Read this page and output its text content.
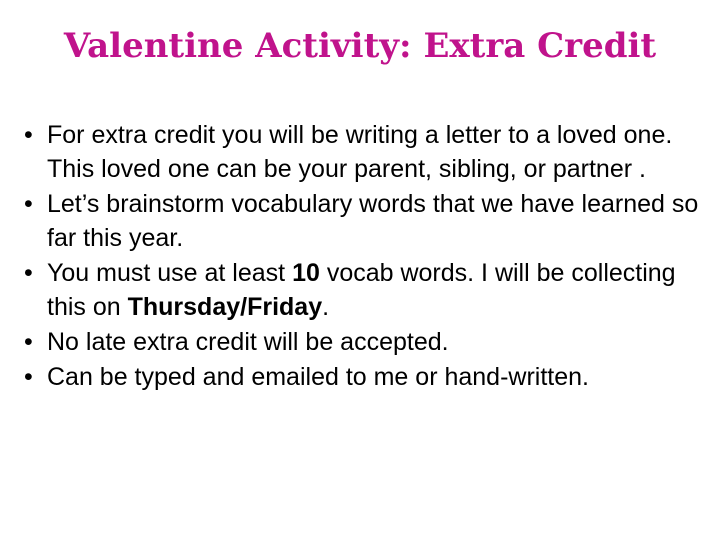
Valentine Activity: Extra Credit
• For extra credit you will be writing a letter to a loved one. This loved one can be your parent, sibling, or partner .
• Let’s brainstorm vocabulary words that we have learned so far this year.
• You must use at least 10 vocab words. I will be collecting this on Thursday/Friday.
• No late extra credit will be accepted.
• Can be typed and emailed to me or hand-written.
